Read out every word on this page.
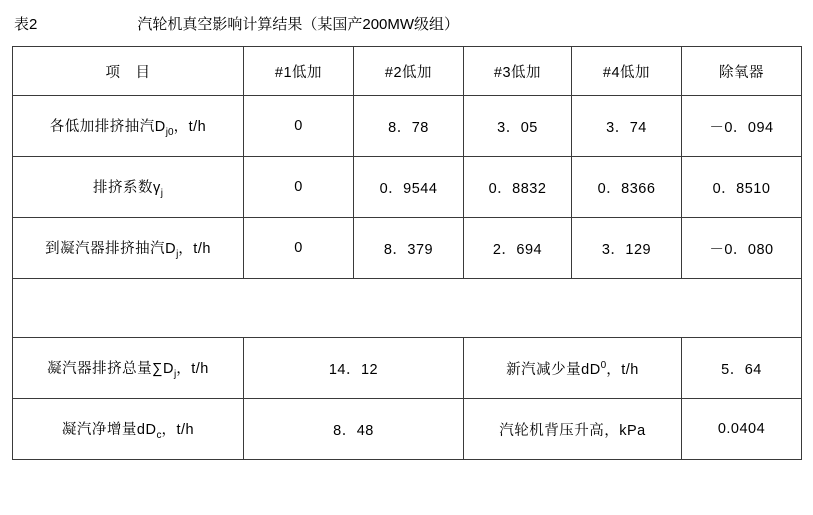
表2	汽轮机真空影响计算结果（某国产200MW级组）
项　目	#1低加	#2低加	#3低加	#4低加	除氧器
各低加排挤抽汽$D_{j0}$，t/h	0	8．78	3．05	3．74	－0．094
排挤系数$\gamma_j$	0	0．9544	0．8832	0．8366	0．8510
到凝汽器排挤抽汽$D_j$，t/h	0	8．379	2．694	3．129	－0．080

凝汽器排挤总量$\sum D_j$，t/h	14．12		新汽减少量$dD^0$，t/h		5．64
凝汽净增量$dD_c$，t/h	8．48		汽轮机背压升高，kPa		0.0404
